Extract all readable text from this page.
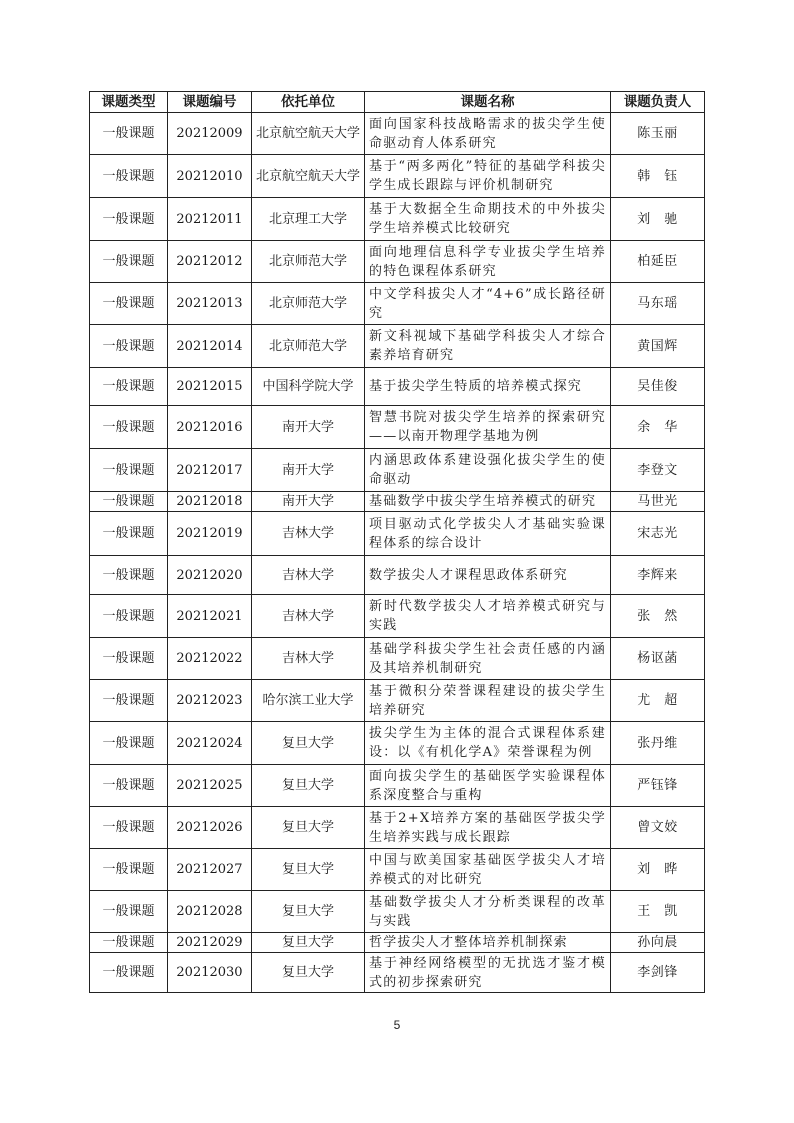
课题类型	课题编号	依托单位	课题名称	课题负责人
一般课题	20212009	北京航空航天大学	面向国家科技战略需求的拔尖学生使命驱动育人体系研究	陈玉丽
一般课题	20212010	北京航空航天大学	基于“两多两化”特征的基础学科拔尖学生成长跟踪与评价机制研究	韩　钰
一般课题	20212011	北京理工大学	基于大数据全生命期技术的中外拔尖学生培养模式比较研究	刘　驰
一般课题	20212012	北京师范大学	面向地理信息科学专业拔尖学生培养的特色课程体系研究	柏延臣
一般课题	20212013	北京师范大学	中文学科拔尖人才“4+6”成长路径研究	马东瑶
一般课题	20212014	北京师范大学	新文科视域下基础学科拔尖人才综合素养培育研究	黄国辉
一般课题	20212015	中国科学院大学	基于拔尖学生特质的培养模式探究	吴佳俊
一般课题	20212016	南开大学	智慧书院对拔尖学生培养的探索研究——以南开物理学基地为例	余　华
一般课题	20212017	南开大学	内涵思政体系建设强化拔尖学生的使命驱动	李登文
一般课题	20212018	南开大学	基础数学中拔尖学生培养模式的研究	马世光
一般课题	20212019	吉林大学	项目驱动式化学拔尖人才基础实验课程体系的综合设计	宋志光
一般课题	20212020	吉林大学	数学拔尖人才课程思政体系研究	李辉来
一般课题	20212021	吉林大学	新时代数学拔尖人才培养模式研究与实践	张　然
一般课题	20212022	吉林大学	基础学科拔尖学生社会责任感的内涵及其培养机制研究	杨讴菡
一般课题	20212023	哈尔滨工业大学	基于微积分荣誉课程建设的拔尖学生培养研究	尤　超
一般课题	20212024	复旦大学	拔尖学生为主体的混合式课程体系建设：以《有机化学A》荣誉课程为例	张丹维
一般课题	20212025	复旦大学	面向拔尖学生的基础医学实验课程体系深度整合与重构	严钰锋
一般课题	20212026	复旦大学	基于2+X培养方案的基础医学拔尖学生培养实践与成长跟踪	曾文姣
一般课题	20212027	复旦大学	中国与欧美国家基础医学拔尖人才培养模式的对比研究	刘　晔
一般课题	20212028	复旦大学	基础数学拔尖人才分析类课程的改革与实践	王　凯
一般课题	20212029	复旦大学	哲学拔尖人才整体培养机制探索	孙向晨
一般课题	20212030	复旦大学	基于神经网络模型的无扰选才鉴才模式的初步探索研究	李剑锋
5
